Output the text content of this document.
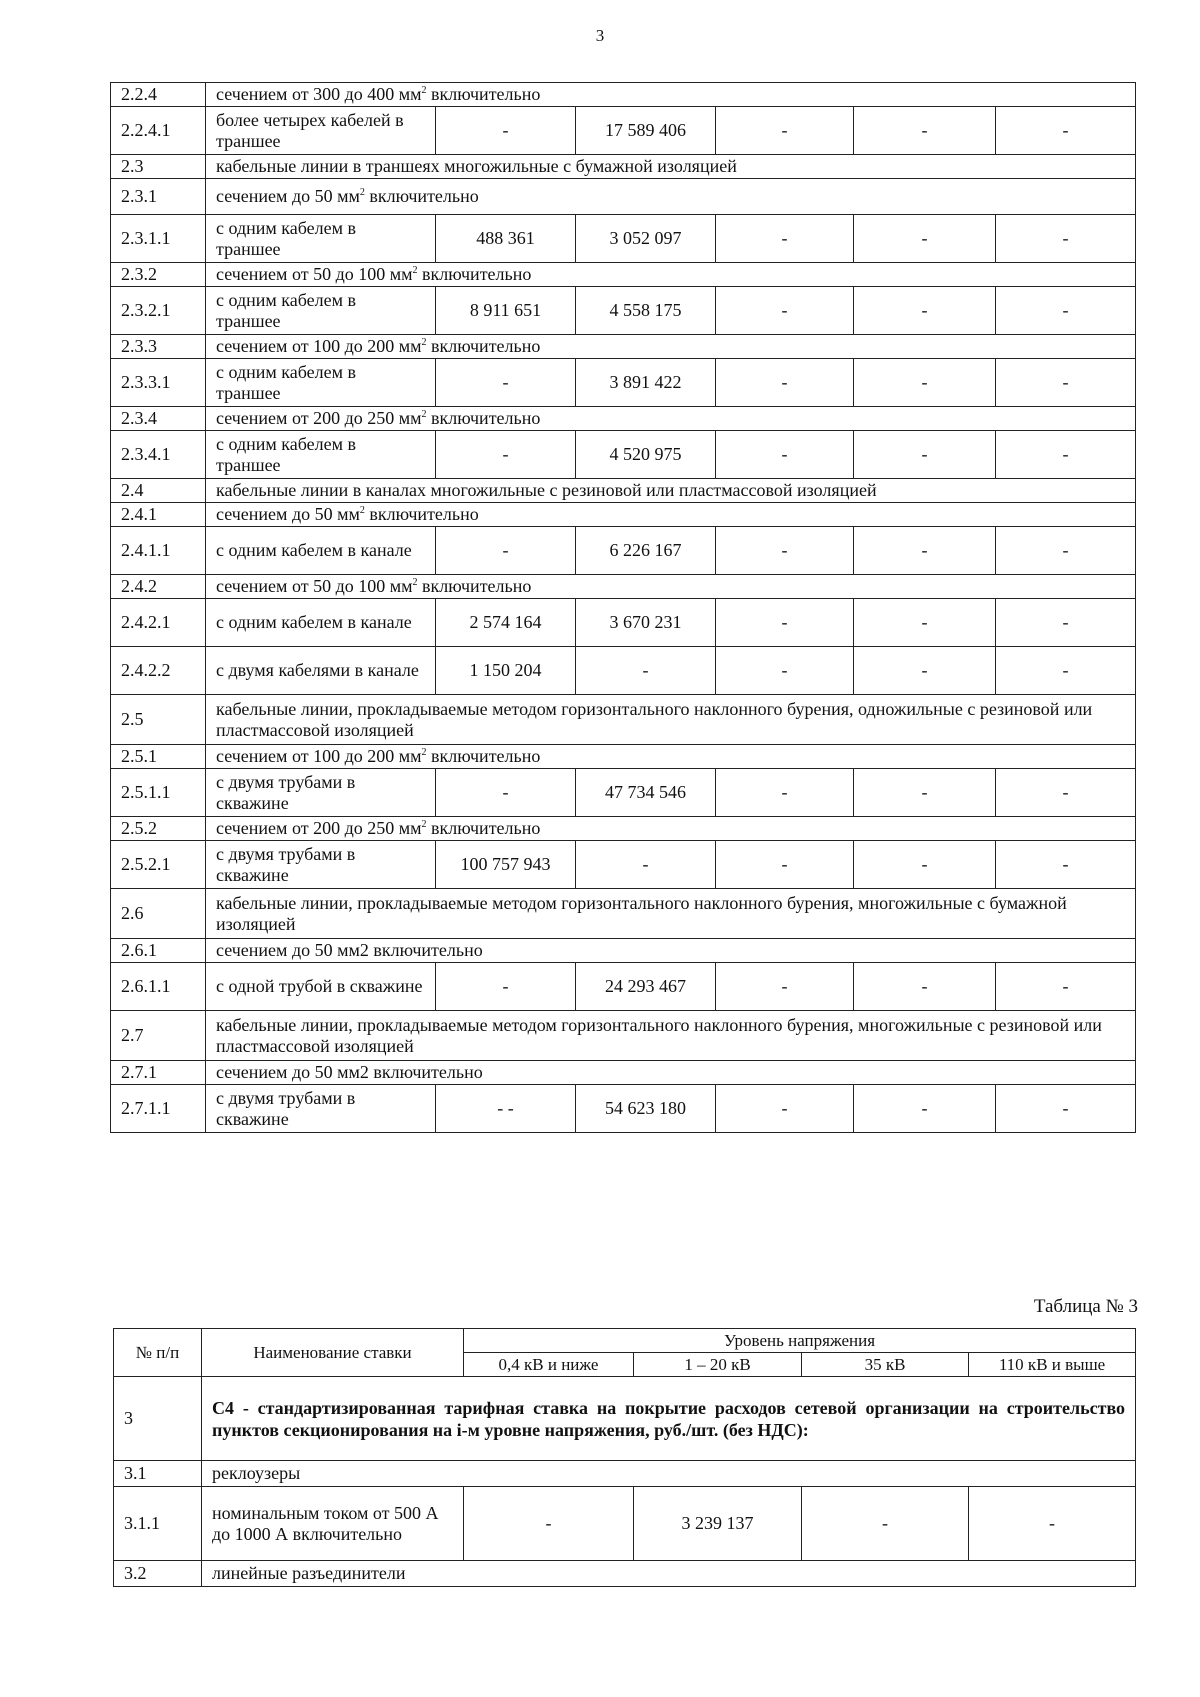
3
2.2.4	сечением от 300 до 400 $мм^2$ включительно					
2.2.4.1	более четырех кабелей в траншее	-	17 589 406	-	-	-
2.3	кабельные линии в траншеях многожильные с бумажной изоляцией					
2.3.1	сечением до 50 $мм^2$ включительно					
2.3.1.1	с одним кабелем в траншее	488 361	3 052 097	-	-	-
2.3.2	сечением от 50 до 100 $мм^2$ включительно					
2.3.2.1	с одним кабелем в траншее	8 911 651	4 558 175	-	-	-
2.3.3	сечением от 100 до 200 $мм^2$ включительно					
2.3.3.1	с одним кабелем в траншее	-	3 891 422	-	-	-
2.3.4	сечением от 200 до 250 $мм^2$ включительно					
2.3.4.1	с одним кабелем в траншее	-	4 520 975	-	-	-
2.4	кабельные линии в каналах многожильные с резиновой или пластмассовой изоляцией					
2.4.1	сечением до 50 $мм^2$ включительно					
2.4.1.1	с одним кабелем в канале	-	6 226 167	-	-	-
2.4.2	сечением от 50 до 100 $мм^2$ включительно					
2.4.2.1	с одним кабелем в канале	2 574 164	3 670 231	-	-	-
2.4.2.2	с двумя кабелями в канале	1 150 204	-	-	-	-
2.5	кабельные линии, прокладываемые методом горизонтального наклонного бурения, одножильные с резиновой или пластмассовой изоляцией					
2.5.1	сечением от 100 до 200 $мм^2$ включительно					
2.5.1.1	с двумя трубами в скважине	-	47 734 546	-	-	-
2.5.2	сечением от 200 до 250 $мм^2$ включительно					
2.5.2.1	с двумя трубами в скважине	100 757 943	-	-	-	-
2.6	кабельные линии, прокладываемые методом горизонтального наклонного бурения, многожильные с бумажной изоляцией					
2.6.1	сечением до 50 мм2 включительно					
2.6.1.1	с одной трубой в скважине	-	24 293 467	-	-	-
2.7	кабельные линии, прокладываемые методом горизонтального наклонного бурения, многожильные с резиновой или пластмассовой изоляцией					
2.7.1	сечением до 50 мм2 включительно					
2.7.1.1	с двумя трубами в скважине	- -	54 623 180	-	-	-
Таблица № 3
№ п/п	Наименование ставки	Уровень напряжения			
		0,4 кВ и ниже	1 – 20 кВ	35 кВ	110 кВ и выше
3	С4 - стандартизированная тарифная ставка на покрытие расходов сетевой организации на строительство пунктов секционирования на i-м уровне напряжения, руб./шт. (без НДС):				
3.1	реклоузеры				
3.1.1	номинальным током от 500 А до 1000 А включительно	-	3 239 137	-	-
3.2	линейные разъединители				
